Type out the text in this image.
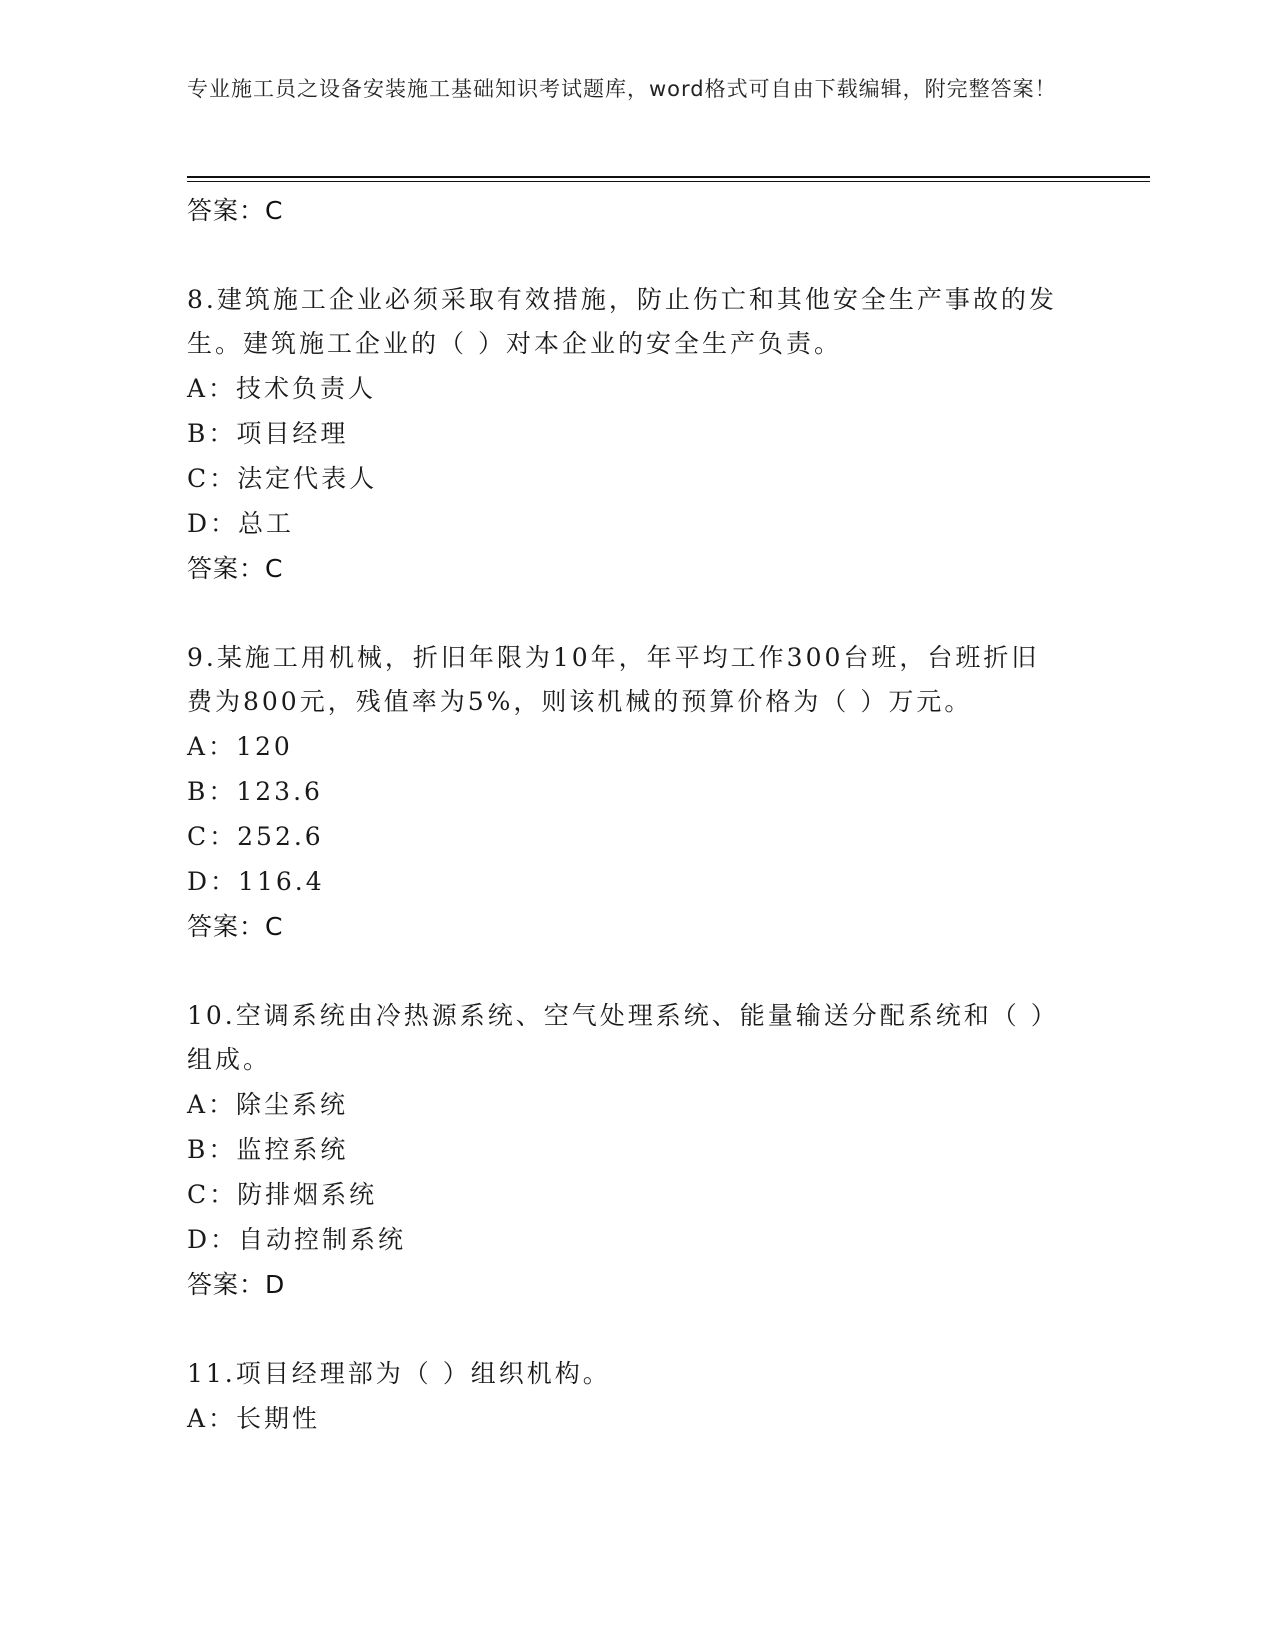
专业施工员之设备安装施工基础知识考试题库，word格式可自由下载编辑，附完整答案！
答案：C
8.建筑施工企业必须采取有效措施，防止伤亡和其他安全生产事故的发生。建筑施工企业的（ ）对本企业的安全生产负责。
A：技术负责人
B：项目经理
C：法定代表人
D：总工
答案：C
9.某施工用机械，折旧年限为10年，年平均工作300台班，台班折旧费为800元，残值率为5%，则该机械的预算价格为（ ）万元。
A：120
B：123.6
C：252.6
D：116.4
答案：C
10.空调系统由冷热源系统、空气处理系统、能量输送分配系统和（ ）组成。
A：除尘系统
B：监控系统
C：防排烟系统
D：自动控制系统
答案：D
11.项目经理部为（ ）组织机构。
A：长期性
